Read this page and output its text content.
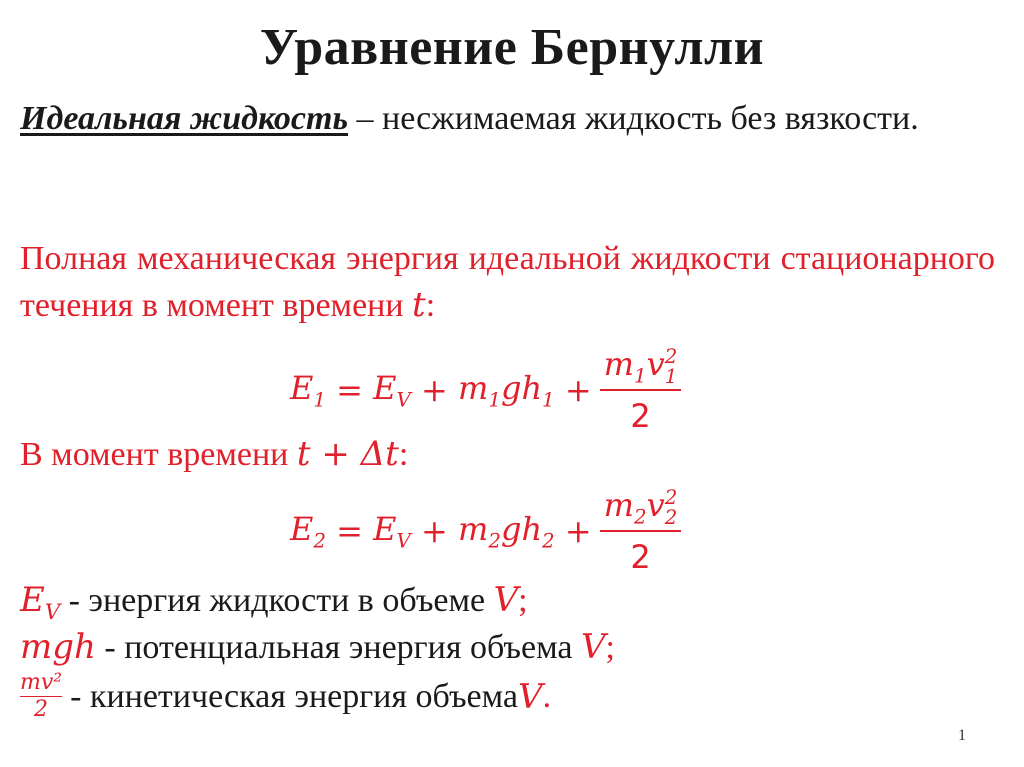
Уравнение Бернулли
Идеальная жидкость – несжимаемая жидкость без вязкости.
Полная механическая энергия идеальной жидкости стационарного течения в момент времени t:
$E_1 = E_V + m_1gh_1 + m_1v$ 2
1
2
В момент времени t + Δt:
$E_2 = E_V + m_2gh_2 + m_2v$ 2
2
2
$E_V$ - энергия жидкости в объеме V;
mgh - потенциальная энергия объема V;
mv²
2 - кинетическая энергия объема V .
1
